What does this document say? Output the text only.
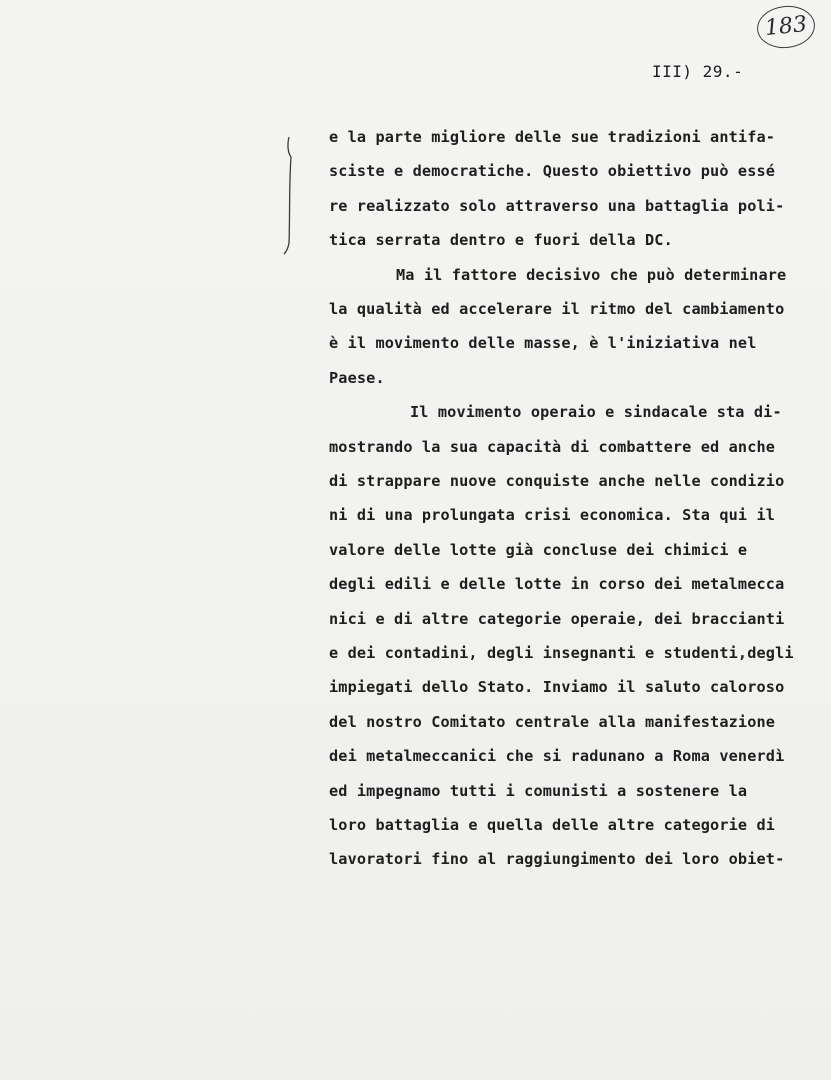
183
III) 29.-
e la parte migliore delle sue tradizioni antifa-
sciste e democratiche. Questo obiettivo può essé
re realizzato solo attraverso una battaglia poli-
tica serrata dentro e fuori della DC.
Ma il fattore decisivo che può determinare
la qualità ed accelerare il ritmo del cambiamento
è il movimento delle masse, è l'iniziativa nel
Paese.
Il movimento operaio e sindacale sta di-
mostrando la sua capacità di combattere ed anche
di strappare nuove conquiste anche nelle condizio
ni di una prolungata crisi economica. Sta qui il
valore delle lotte già concluse dei chimici e
degli edili e delle lotte in corso dei metalmecca
nici e di altre categorie operaie, dei braccianti
e dei contadini, degli insegnanti e studenti,degli
impiegati dello Stato. Inviamo il saluto caloroso
del nostro Comitato centrale alla manifestazione
dei metalmeccanici che si radunano a Roma venerdì
ed impegnamo tutti i comunisti a sostenere la
loro battaglia e quella delle altre categorie di
lavoratori fino al raggiungimento dei loro obiet-
